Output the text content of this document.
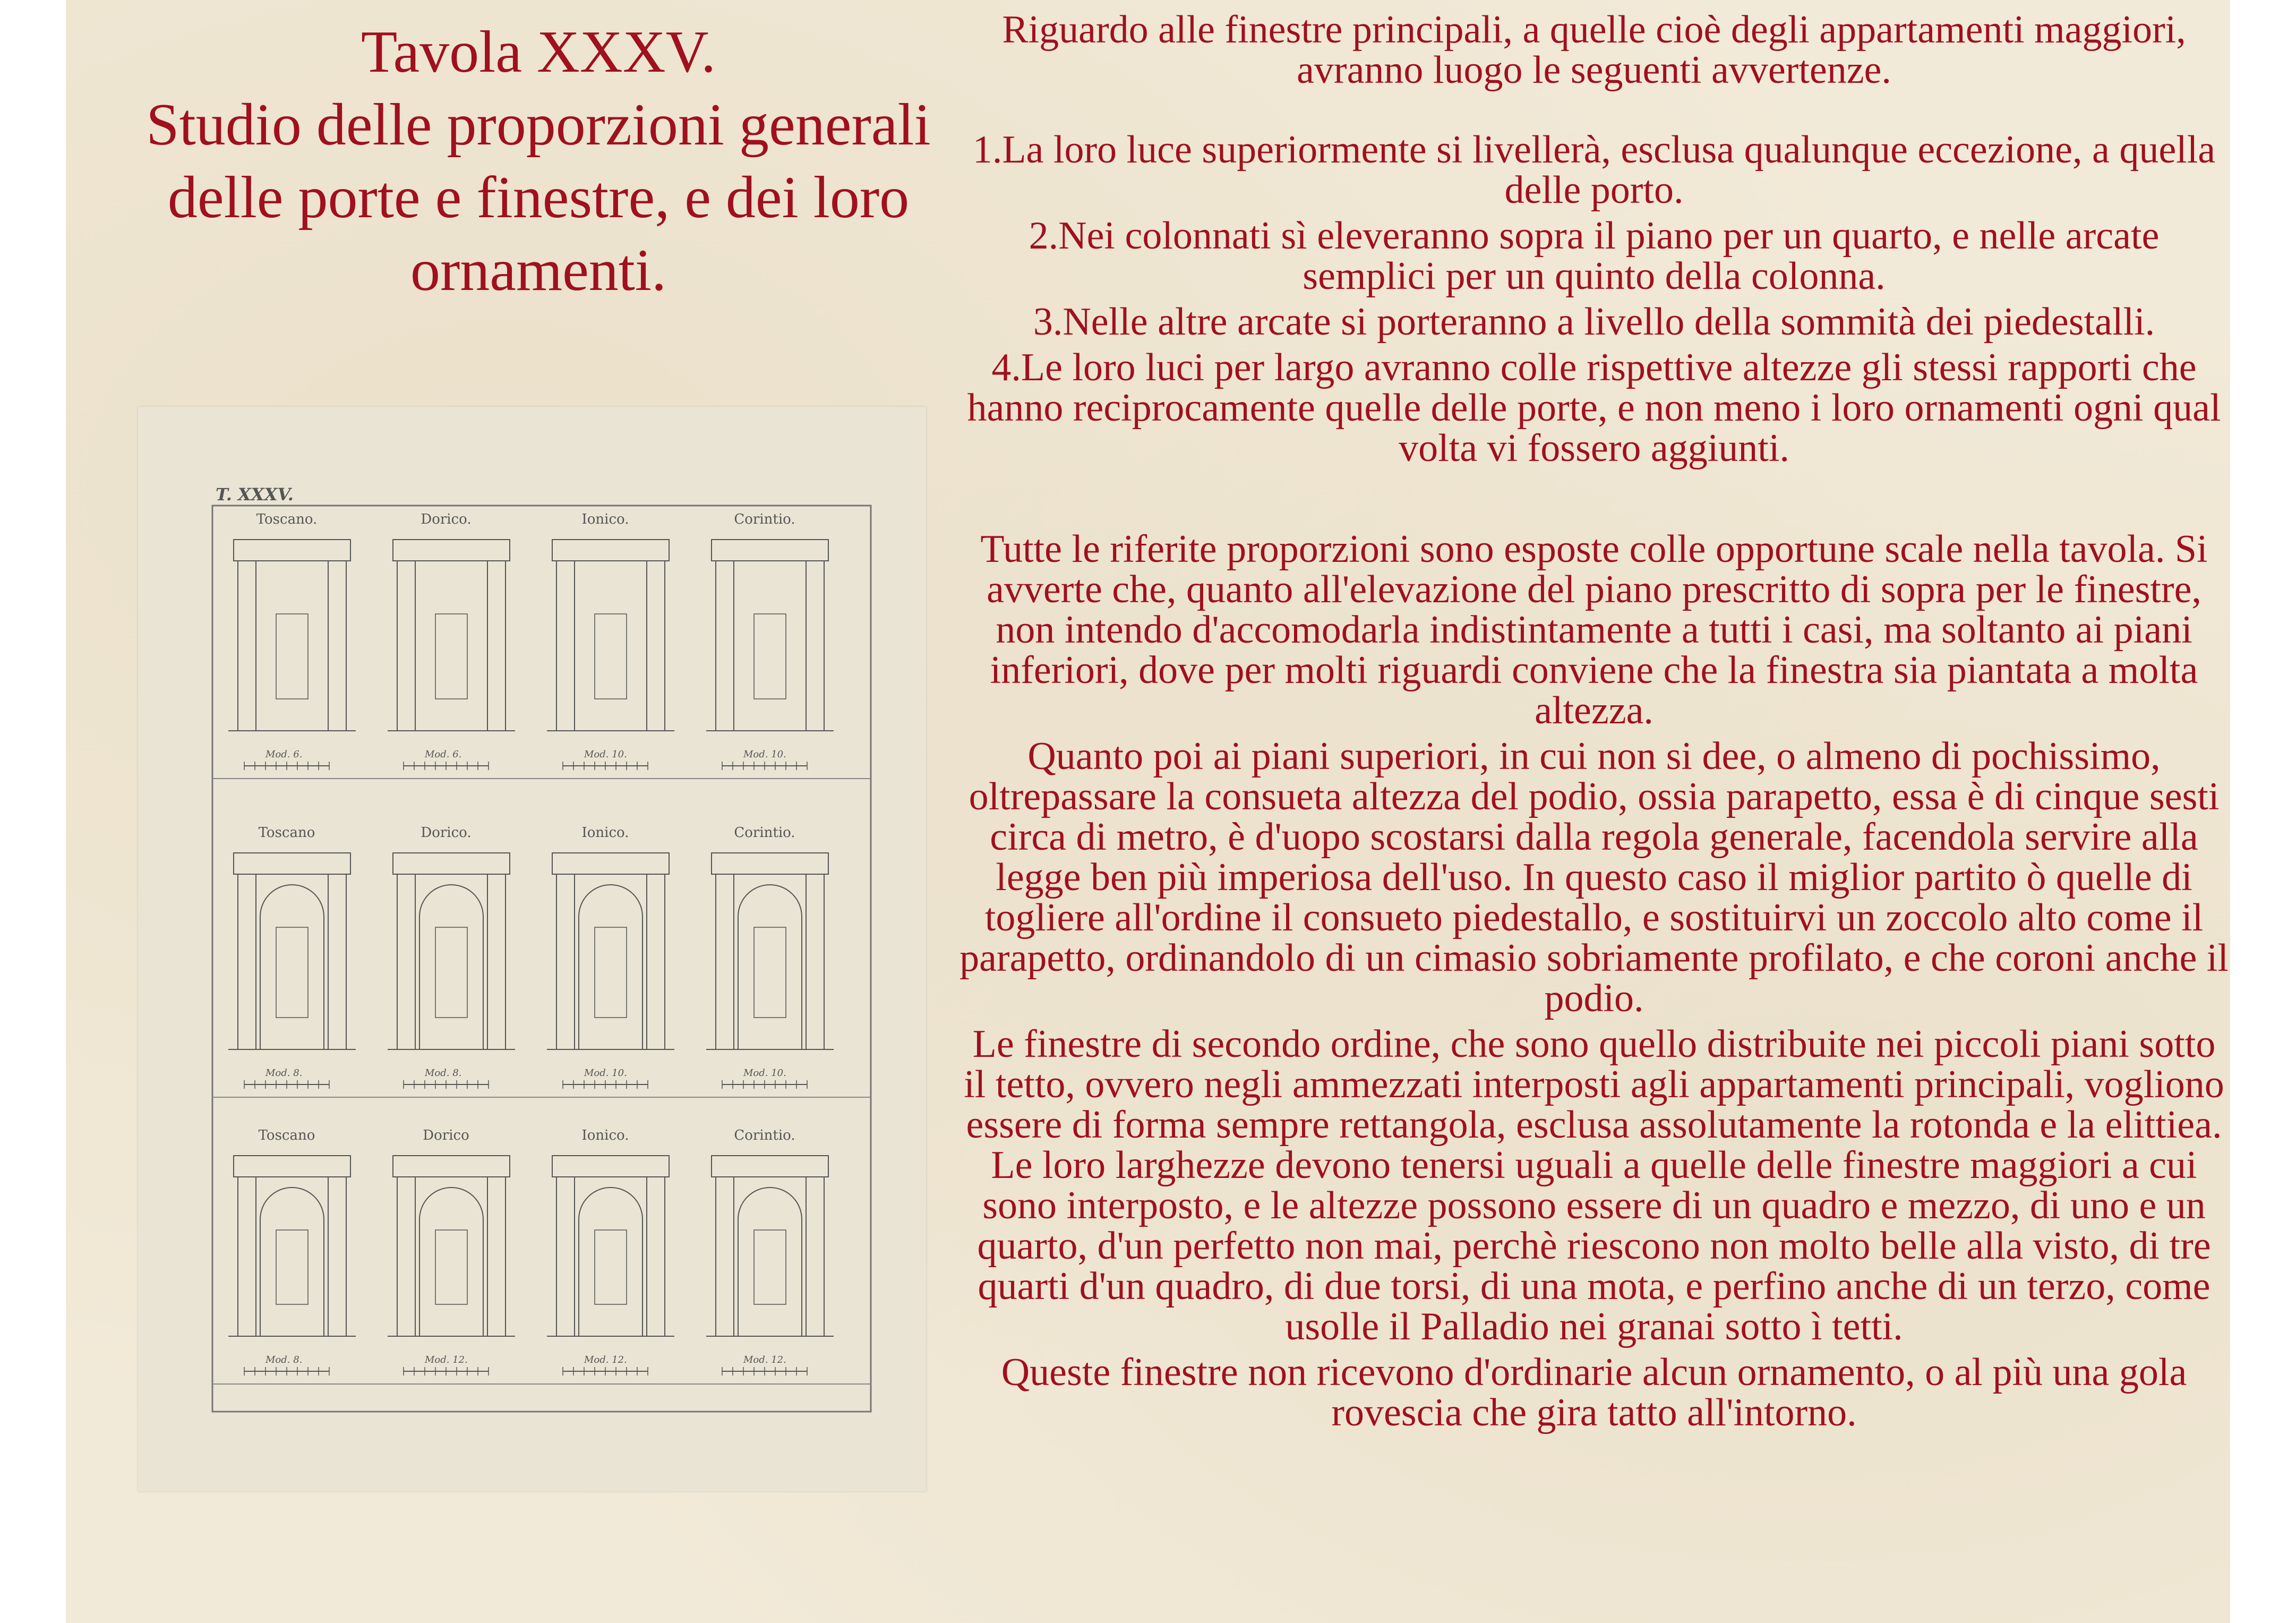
Tavola XXXV.
Studio delle proporzioni generali
delle porte e finestre, e dei loro
ornamenti.
T. XXXV.
Toscano.
Mod. 6.
Dorico.
Mod. 6.
Ionico.
Mod. 10.
Corintio.
Mod. 10.
Toscano
Mod. 8.
Dorico.
Mod. 8.
Ionico.
Mod. 10.
Corintio.
Mod. 10.
Toscano
Mod. 8.
Dorico
Mod. 12.
Ionico.
Mod. 12.
Corintio.
Mod. 12.

Riguardo alle finestre principali, a quelle cioè degli appartamenti maggiori, avranno luogo le seguenti avvertenze.

1.La loro luce superiormente si livellerà, esclusa qualunque eccezione, a quella delle porto.

2.Nei colonnati sì eleveranno sopra il piano per un quarto, e nelle arcate semplici per un quinto della colonna.

3.Nelle altre arcate si porteranno a livello della sommità dei piedestalli.

4.Le loro luci per largo avranno colle rispettive altezze gli stessi rapporti che hanno reciprocamente quelle delle porte, e non meno i loro ornamenti ogni qual volta vi fossero aggiunti.

Tutte le riferite proporzioni sono esposte colle opportune scale nella tavola. Si avverte che, quanto all'elevazione del piano prescritto di sopra per le finestre, non intendo d'accomodarla indistintamente a tutti i casi, ma soltanto ai piani inferiori, dove per molti riguardi conviene che la finestra sia piantata a molta altezza.

Quanto poi ai piani superiori, in cui non si dee, o almeno di pochissimo, oltrepassare la consueta altezza del podio, ossia parapetto, essa è di cinque sesti circa di metro, è d'uopo scostarsi dalla regola generale, facendola servire alla legge ben più imperiosa dell'uso. In questo caso il miglior partito ò quelle di togliere all'ordine il consueto piedestallo, e sostituirvi un zoccolo alto come il parapetto, ordinandolo di un cimasio sobriamente profilato, e che coroni anche il podio.

Le finestre di secondo ordine, che sono quello distribuite nei piccoli piani sotto il tetto, ovvero negli ammezzati interposti agli appartamenti principali, vogliono essere di forma sempre rettangola, esclusa assolutamente la rotonda e la elittiea. Le loro larghezze devono tenersi uguali a quelle delle finestre maggiori a cui sono interposto, e le altezze possono essere di un quadro e mezzo, di uno e un quarto, d'un perfetto non mai, perchè riescono non molto belle alla visto, di tre quarti d'un quadro, di due torsi, di una mota, e perfino anche di un terzo, come usolle il Palladio nei granai sotto ì tetti.

Queste finestre non ricevono d'ordinarie alcun ornamento, o al più una gola rovescia che gira tatto all'intorno.
